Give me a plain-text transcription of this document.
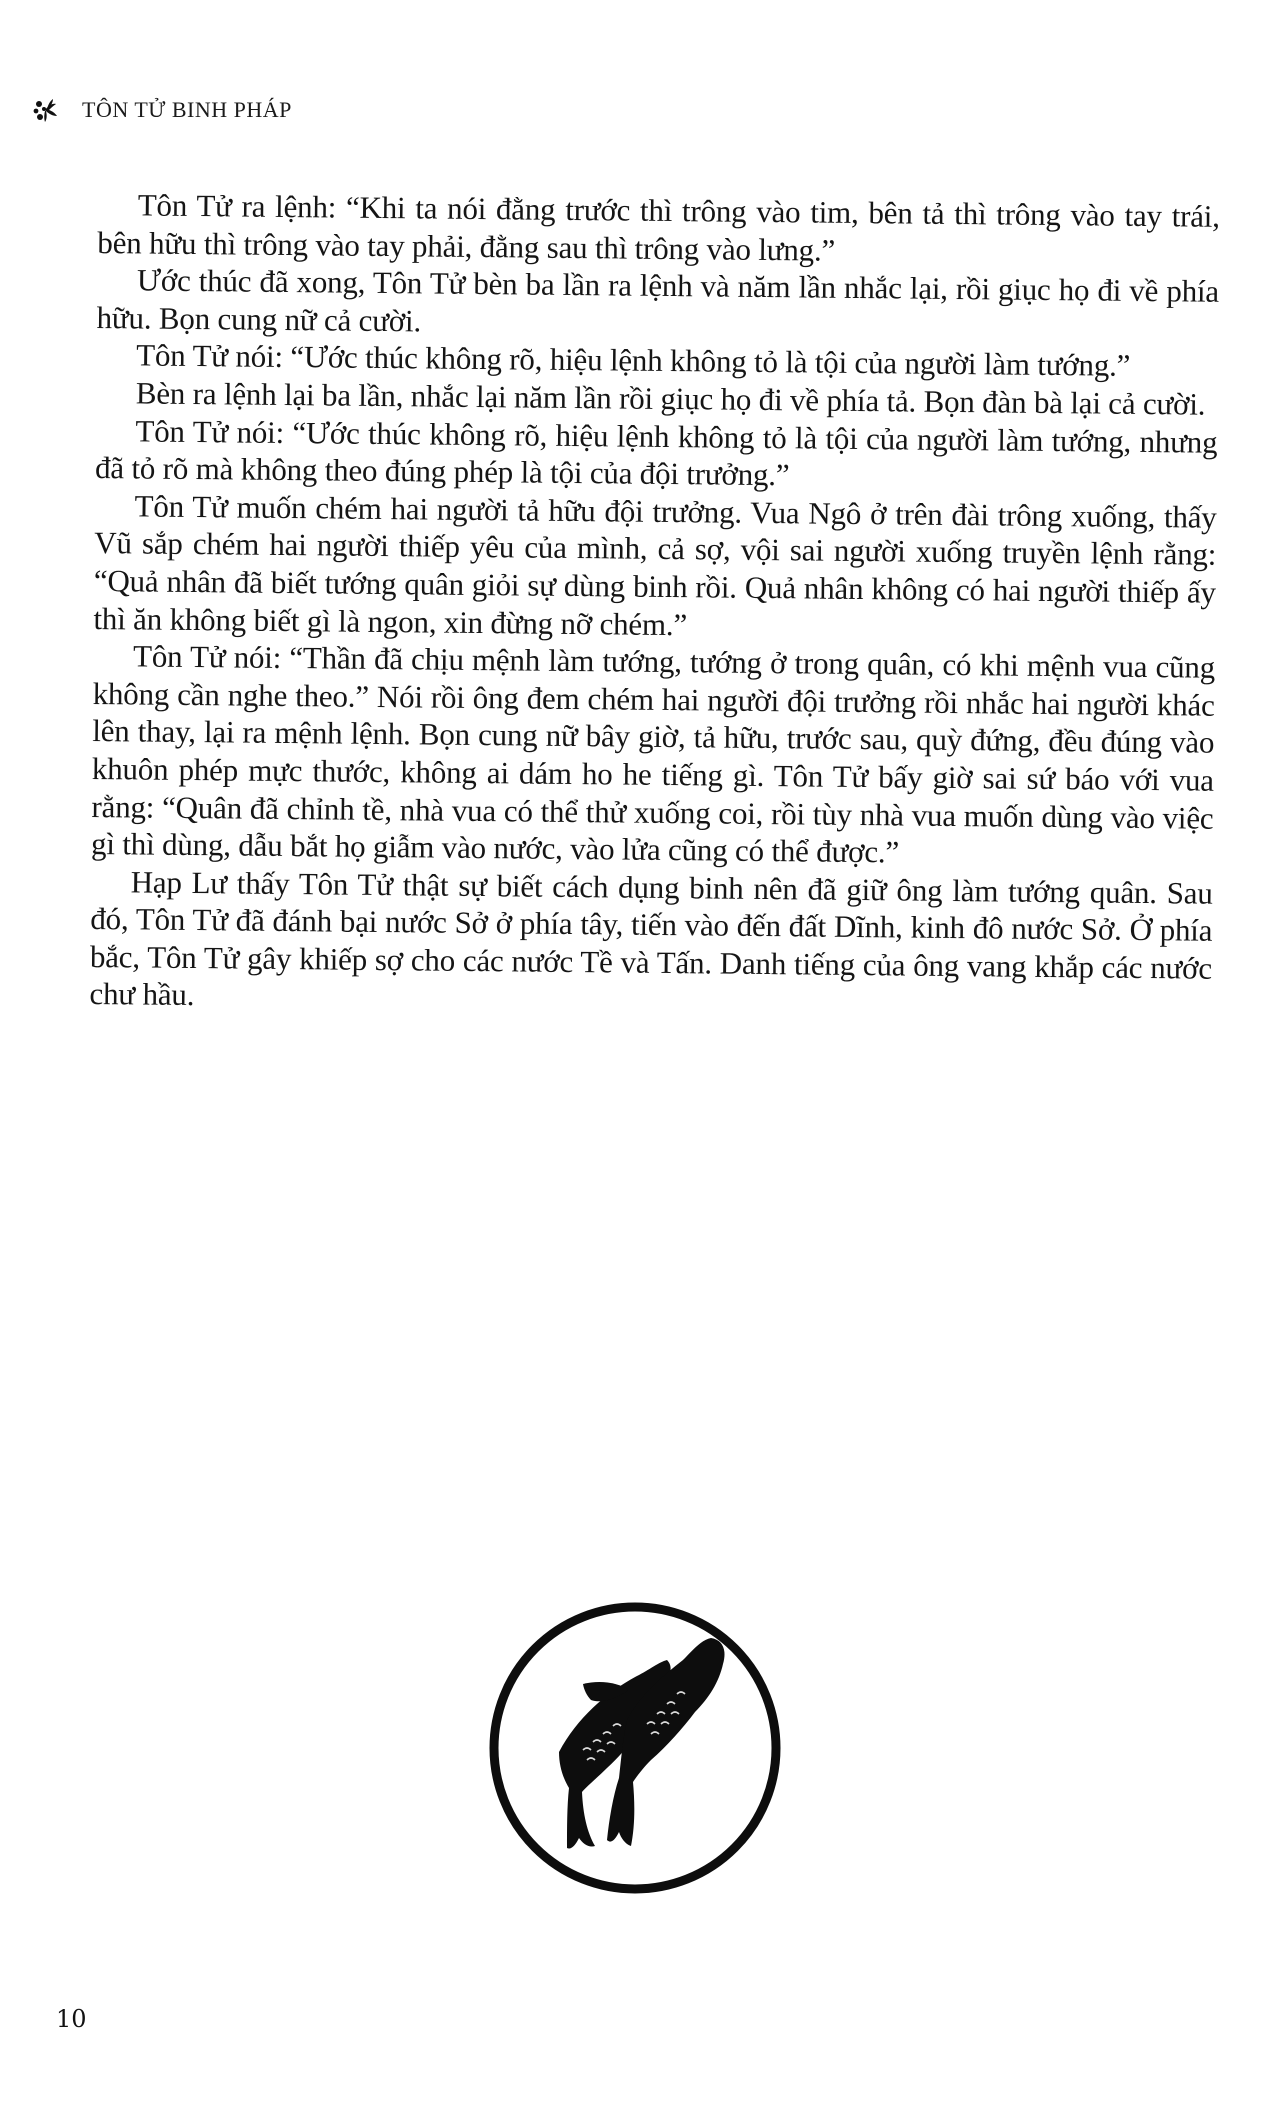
TÔN TỬ BINH PHÁP

Tôn Tử ra lệnh: “Khi ta nói đằng trước thì trông vào tim, bên tả thì trông vào tay trái, bên hữu thì trông vào tay phải, đằng sau thì trông vào lưng.”

Ước thúc đã xong, Tôn Tử bèn ba lần ra lệnh và năm lần nhắc lại, rồi giục họ đi về phía hữu. Bọn cung nữ cả cười.

Tôn Tử nói: “Ước thúc không rõ, hiệu lệnh không tỏ là tội của người làm tướng.”

Bèn ra lệnh lại ba lần, nhắc lại năm lần rồi giục họ đi về phía tả. Bọn đàn bà lại cả cười.

Tôn Tử nói: “Ước thúc không rõ, hiệu lệnh không tỏ là tội của người làm tướng, nhưng đã tỏ rõ mà không theo đúng phép là tội của đội trưởng.”

Tôn Tử muốn chém hai người tả hữu đội trưởng. Vua Ngô ở trên đài trông xuống, thấy Vũ sắp chém hai người thiếp yêu của mình, cả sợ, vội sai người xuống truyền lệnh rằng: “Quả nhân đã biết tướng quân giỏi sự dùng binh rồi. Quả nhân không có hai người thiếp ấy thì ăn không biết gì là ngon, xin đừng nỡ chém.”

Tôn Tử nói: “Thần đã chịu mệnh làm tướng, tướng ở trong quân, có khi mệnh vua cũng không cần nghe theo.” Nói rồi ông đem chém hai người đội trưởng rồi nhắc hai người khác lên thay, lại ra mệnh lệnh. Bọn cung nữ bây giờ, tả hữu, trước sau, quỳ đứng, đều đúng vào khuôn phép mực thước, không ai dám ho he tiếng gì. Tôn Tử bấy giờ sai sứ báo với vua rằng: “Quân đã chỉnh tề, nhà vua có thể thử xuống coi, rồi tùy nhà vua muốn dùng vào việc gì thì dùng, dẫu bắt họ giẫm vào nước, vào lửa cũng có thể được.”

Hạp Lư thấy Tôn Tử thật sự biết cách dụng binh nên đã giữ ông làm tướng quân. Sau đó, Tôn Tử đã đánh bại nước Sở ở phía tây, tiến vào đến đất Dĩnh, kinh đô nước Sở. Ở phía bắc, Tôn Tử gây khiếp sợ cho các nước Tề và Tấn. Danh tiếng của ông vang khắp các nước chư hầu.

10
